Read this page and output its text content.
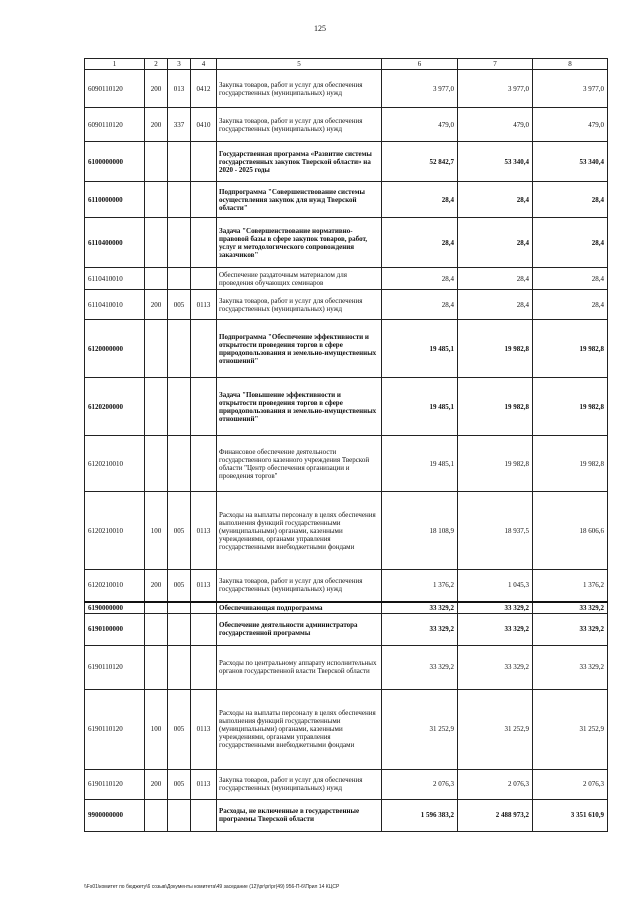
125
1	2	3	4	5	6	7	8
6090110120	200	013	0412	Закупка товаров, работ и услуг для обеспечения государственных (муниципальных) нужд	3 977,0	3 977,0	3 977,0
6090110120	200	337	0410	Закупка товаров, работ и услуг для обеспечения государственных (муниципальных) нужд	479,0	479,0	479,0
6100000000				Государственная программа «Развитие системы государственных закупок Тверской области» на 2020 - 2025 годы	52 842,7	53 340,4	53 340,4
6110000000				Подпрограмма "Совершенствование системы осуществления закупок для нужд Тверской области"	28,4	28,4	28,4
6110400000				Задача "Совершенствование нормативно-правовой базы в сфере закупок товаров, работ, услуг и методологического сопровождения заказчиков"	28,4	28,4	28,4
6110410010				Обеспечение раздаточным материалом для проведения обучающих семинаров	28,4	28,4	28,4
6110410010	200	005	0113	Закупка товаров, работ и услуг для обеспечения государственных (муниципальных) нужд	28,4	28,4	28,4
6120000000				Подпрограмма "Обеспечение эффективности и открытости проведения торгов в сфере природопользования и земельно-имущественных отношений"	19 485,1	19 982,8	19 982,8
6120200000				Задача "Повышение эффективности и открытости проведения торгов в сфере природопользования и земельно-имущественных отношений"	19 485,1	19 982,8	19 982,8
6120210010				Финансовое обеспечение деятельности государственного казенного учреждения Тверской области "Центр обеспечения организации и проведения торгов"	19 485,1	19 982,8	19 982,8
6120210010	100	005	0113	Расходы на выплаты персоналу в целях обеспечения выполнения функций государственными (муниципальными) органами, казенными учреждениями, органами управления государственными внебюджетными фондами	18 108,9	18 937,5	18 606,6
6120210010	200	005	0113	Закупка товаров, работ и услуг для обеспечения государственных (муниципальных) нужд	1 376,2	1 045,3	1 376,2
6190000000				Обеспечивающая подпрограмма	33 329,2	33 329,2	33 329,2
6190100000				Обеспечение деятельности администратора государственной программы	33 329,2	33 329,2	33 329,2
6190110120				Расходы по центральному аппарату исполнительных органов государственной власти Тверской области	33 329,2	33 329,2	33 329,2
6190110120	100	005	0113	Расходы на выплаты персоналу в целях обеспечения выполнения функций государственными (муниципальными) органами, казенными учреждениями, органами управления государственными внебюджетными фондами	31 252,9	31 252,9	31 252,9
6190110120	200	005	0113	Закупка товаров, работ и услуг для обеспечения государственных (муниципальных) нужд	2 076,3	2 076,3	2 076,3
9900000000				Расходы, не включенные в государственные программы Тверской области	1 596 383,2	2 488 973,2	3 351 610,9
\\Fs01\комитет по бюджету\6 созыв\Документы комитета\49 заседание (12)\pr\pr\pr(49) 956-П-6\Прил 14 КЦСР
